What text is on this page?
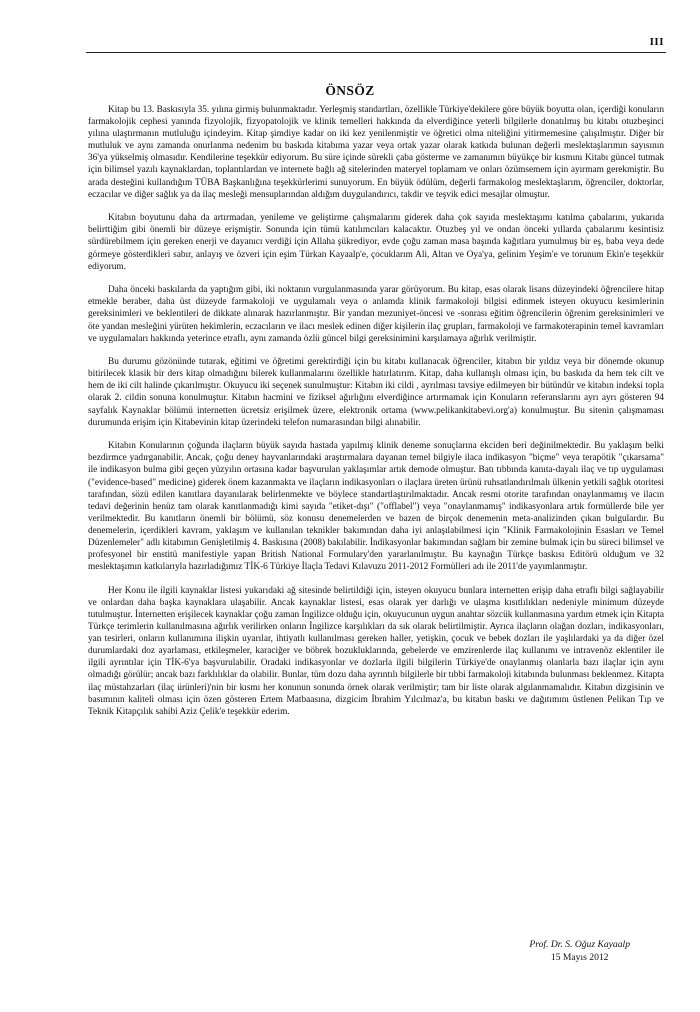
III
ÖNSÖZ

Kitap bu 13. Baskısıyla 35. yılına girmiş bulunmaktadır. Yerleşmiş standartları, özellikle Türkiye'dekilere göre büyük boyutta olan, içerdiği konuların farmakolojik cephesi yanında fizyolojik, fizyopatolojik ve klinik temelleri hakkında da elverdiğince yeterli bilgilerle donatılmış bu kitabı otuzbeşinci yılına ulaştırmanın mutluluğu içindeyim. Kitap şimdiye kadar on iki kez yenilenmiştir ve öğretici olma niteliğini yitirmemesine çalışılmıştır. Diğer bir mutluluk ve aynı zamanda onurlanma nedenim bu baskıda kitabıma yazar veya ortak yazar olarak katkıda bulunan değerli meslektaşlarımın sayısının 36'ya yükselmiş olmasıdır. Kendilerine teşekkür ediyorum. Bu süre içinde sürekli çaba gösterme ve zamanımın büyükçe bir kısmını Kitabı güncel tutmak için bilimsel yazılı kaynaklardan, toplantılardan ve internete bağlı ağ sitelerinden materyel toplamam ve onları özümsemem için ayırmam gerekmiştir. Bu arada desteğini kullandığım TÜBA Başkanlığına teşekkürlerimi sunuyorum. En büyük ödülüm, değerli farmakolog meslektaşlarım, öğrenciler, doktorlar, eczacılar ve diğer sağlık ya da ilaç mesleği mensuplarından aldığım duygulandırıcı, takdir ve teşvik edici mesajlar olmuştur.

Kitabın boyutunu daha da artırmadan, yenileme ve geliştirme çalışmalarını giderek daha çok sayıda meslektaşımı katılma çabalarını, yukarıda belirttiğim gibi önemli bir düzeye erişmiştir. Sonunda için tümü katılımcıları kalacaktır. Otuzbeş yıl ve ondan önceki yıllarda çabalarımı kesintisiz sürdürebilmem için gereken enerji ve dayanıcı verdiği için Allaha şükrediyor, evde çoğu zaman masa başında kağıtlara yumulmuş bir eş, baba veya dede görmeye gösterdikleri sabır, anlayış ve özveri için eşim Türkan Kayaalp'e, çocuklarım Ali, Altan ve Oya'ya, gelinim Yeşim'e ve torunum Ekin'e teşekkür ediyorum.

Daha önceki baskılarda da yaptığım gibi, iki noktanın vurgulanmasında yarar görüyorum. Bu kitap, esas olarak lisans düzeyindeki öğrencilere hitap etmekle beraber, daha üst düzeyde farmakoloji ve uygulamalı veya o anlamda klinik farmakoloji bilgisi edinmek isteyen okuyucu kesimlerinin gereksinimleri ve beklentileri de dikkate alınarak hazırlanmıştır. Bir yandan mezuniyet-öncesi ve -sonrası eğitim öğrencilerin öğrenim gereksinimleri ve öte yandan mesleğini yürüten hekimlerin, eczacıların ve ilacı meslek edinen diğer kişilerin ilaç grupları, farmakoloji ve farmakoterapinin temel kavramları ve uygulamaları hakkında yeterince etraflı, aynı zamanda özlü güncel bilgi gereksinimini karşılamaya ağırlık verilmiştir.

Bu durumu gözönünde tutarak, eğitimi ve öğretimi gerektirdiği için bu kitabı kullanacak öğrenciler, kitabın bir yıldız veya bir dönemde okunup bitirilecek klasik bir ders kitap olmadığını bilerek kullanmalarını özellikle hatırlatırım. Kitap, daha kullanışlı olması için, bu baskıda da hem tek cilt ve hem de iki cilt halinde çıkarılmıştır. Okuyucu iki seçenek sunulmuştur: Kitabın iki cildi , ayrılması tavsiye edilmeyen bir bütündür ve kitabın indeksi topla olarak 2. cildin sonuna konulmuştur. Kitabın hacmini ve fiziksel ağırlığını elverdiğince artırmamak için Konuların referanslarını ayrı ayrı gösteren 94 sayfalık Kaynaklar bölümü internetten ücretsiz erişilmek üzere, elektronik ortama (www.pelikankitabevi.org'a) konulmuştur. Bu sitenin çalışmaması durumunda erişim için Kitabevinin kitap üzerindeki telefon numarasından bilgi alınabilir.

Kitabın Konularının çoğunda ilaçların büyük sayıda hastada yapılmış klinik deneme sonuçlarına ekciden beri değinilmektedir. Bu yaklaşım belki bezdirmce yadırganabilir. Ancak, çoğu deney hayvanlarındaki araştırmalara dayanan temel bilgiyle ilaca indikasyon "biçme" veya terapötik "çıkarsama" ile indikasyon bulma gibi geçen yüzyılın ortasına kadar başvurulan yaklaşımlar artık demode olmuştur. Batı tıbbında kanıta-dayalı ilaç ve tıp uygulaması ("evidence-based" medicine) giderek önem kazanmakta ve ilaçların indikasyonları o ilaçlara üreten ürünü ruhsatlandırılmalı ülkenin yetkili sağlık otoritesi tarafından, sözü edilen kanıtlara dayanılarak belirlenmekte ve böylece standartlaştırılmaktadır. Ancak resmi otorite tarafından onaylanmamış ve ilacın tedavi değerinin henüz tam olarak kanıtlanmadığı kimi sayıda "etiket-dışı" ("offlabel") veya "onaylanmamış" indikasyonlara artık formüllerde bile yer verilmektedir. Bu kanıtların önemli bir bölümü, söz konusu denemelerden ve bazen de birçok denemenin meta-analizinden çıkan bulgulardır. Bu denemelerin, içerdikleri kavram, yaklaşım ve kullanılan teknikler bakımından daha iyi anlaşılabilmesi için "Klinik Farmakolojinin Esasları ve Temel Düzenlemeler" adlı kitabımın Genişletilmiş 4. Baskısına (2008) bakılabilir. İndikasyonlar bakımından sağlam bir zemine bulmak için bu süreci bilimsel ve profesyonel bir enstitü manifestiyle yapan British National Formulary'den yararlanılmıştır. Bu kaynağın Türkçe baskısı Editörü olduğum ve 32 meslektaşımın katkılarıyla hazırladığımız TİK-6 Türkiye İlaçla Tedavi Kılavuzu 2011-2012 Formülleri adı ile 2011'de yayımlanmıştır.

Her Konu ile ilgili kaynaklar listesi yukarıdaki ağ sitesinde belirtildiği için, isteyen okuyucu bunlara internetten erişip daha etraflı bilgi sağlayabilir ve onlardan daha başka kaynaklara ulaşabilir. Ancak kaynaklar listesi, esas olarak yer darlığı ve ulaşma kısıtlılıkları nedeniyle minimum düzeyde tutulmuştur. İnternetten erişilecek kaynaklar çoğu zaman İngilizce olduğu için, okuyucunun uygun anahtar sözcük kullanmasına yardım etmek için Kitapta Türkçe terimlerin kullanılmasına ağırlık verilirken onların İngilizce karşılıkları da sık olarak belirtilmiştir. Ayrıca ilaçların olağan dozları, indikasyonları, yan tesirleri, onların kullanımına ilişkin uyarılar, ihtiyatlı kullanılması gereken haller, yetişkin, çocuk ve bebek dozları ile yaşlılardaki ya da diğer özel durumlardaki doz ayarlaması, etkileşmeler, karaciğer ve böbrek bozukluklarında, gebelerde ve emzirenlerde ilaç kullanımı ve intravenöz eklentiler ile ilgili ayrıntılar için TİK-6'ya başvurulabilir. Oradaki indikasyonlar ve dozlarla ilgili bilgilerin Türkiye'de onaylanmış olanlarla bazı ilaçlar için aynı olmadığı görülür; ancak bazı farklılıklar da olabilir. Bunlar, tüm dozu daha ayrıntılı bilgilerle bir tıbbi farmakoloji kitabında bulunması beklenmez. Kitapta ilaç müstahzarları (ilaç ürünleri)'nin bir kısmı her konunun sonunda örnek olarak verilmiştir; tam bir liste olarak algılanmamalıdır. Kitabın dizgisinin ve basımının kaliteli olması için özen gösteren Ertem Matbaasına, dizgicim İbrahim Yılcılmaz'a, bu kitabın baskı ve dağıtımını üstlenen Pelikan Tıp ve Teknik Kitapçılık sahibi Aziz Çelik'e teşekkür ederim.

Prof. Dr. S. Oğuz Kayaalp
15 Mayıs 2012
